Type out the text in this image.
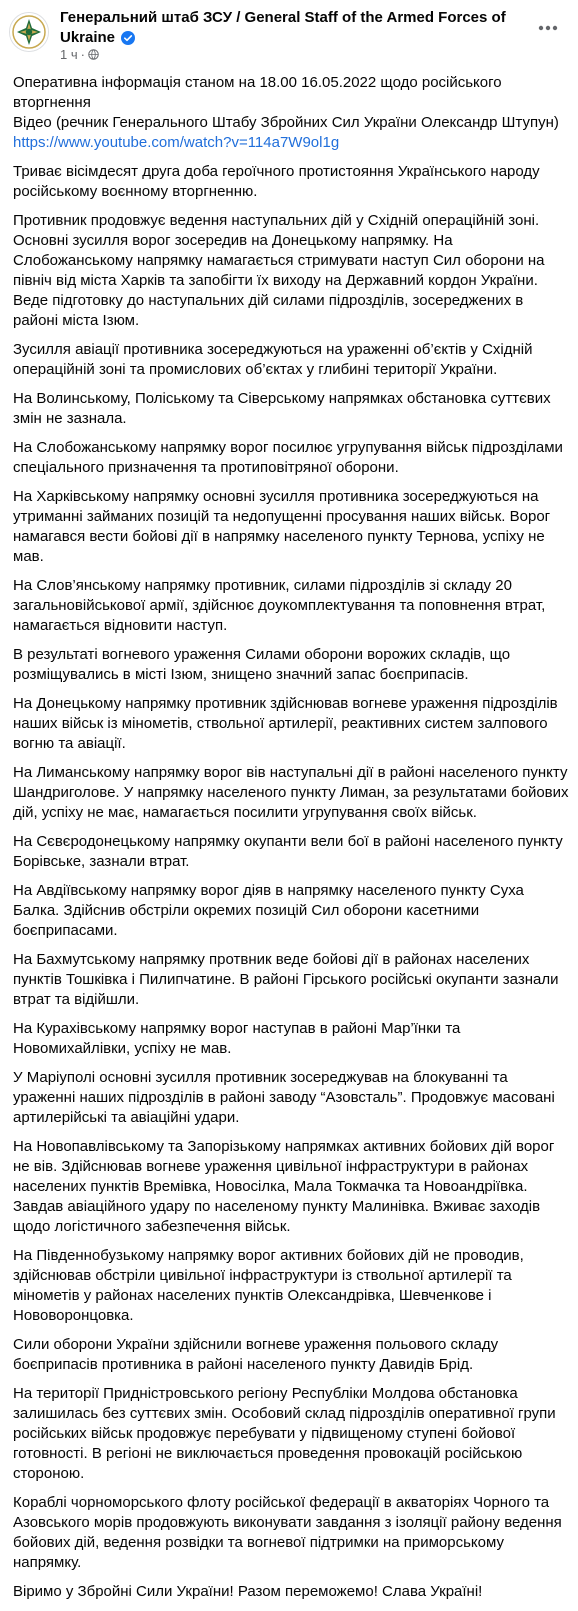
Генеральний штаб ЗСУ / General Staff of the Armed Forces of Ukraine
1 ч ·

Оперативна інформація станом на 18.00 16.05.2022 щодо російського вторгнення
Відео (речник Генерального Штабу Збройних Сил України Олександр Штупун)
https://www.youtube.com/watch?v=114a7W9ol1g

Триває вісімдесят друга доба героїчного протистояння Українського народу російському воєнному вторгненню.

Противник продовжує ведення наступальних дій у Східній операційній зоні. Основні зусилля ворог зосередив на Донецькому напрямку. На Слобожанському напрямку намагається стримувати наступ Сил оборони на північ від міста Харків та запобігти їх виходу на Державний кордон України. Веде підготовку до наступальних дій силами підрозділів, зосереджених в районі міста Ізюм.

Зусилля авіації противника зосереджуються на ураженні об’єктів у Східній операційній зоні та промислових об’єктах у глибині території України.

На Волинському, Поліському та Сіверському напрямках обстановка суттєвих змін не зазнала.

На Слобожанському напрямку ворог посилює угрупування військ підрозділами спеціального призначення та протиповітряної оборони.

На Харківському напрямку основні зусилля противника зосереджуються на утриманні займаних позицій та недопущенні просування наших військ. Ворог намагався вести бойові дії в напрямку населеного пункту Тернова, успіху не мав.

На Слов’янському напрямку противник, силами підрозділів зі складу 20 загальновійськової армії, здійснює доукомплектування та поповнення втрат, намагається відновити наступ.

В результаті вогневого ураження Силами оборони ворожих складів, що розміщувались в місті Ізюм, знищено значний запас боєприпасів.

На Донецькому напрямку противник здійснював вогневе ураження підрозділів наших військ із мінометів, ствольної артилерії, реактивних систем залпового вогню та авіації.

На Лиманському напрямку ворог вів наступальні дії в районі населеного пункту Шандриголове. У напрямку населеного пункту Лиман, за результатами бойових дій, успіху не має, намагається посилити угрупування своїх військ.

На Сєвєродонецькому напрямку окупанти вели бої в районі населеного пункту Борівське, зазнали втрат.

На Авдіївському напрямку ворог діяв в напрямку населеного пункту Суха Балка. Здійснив обстріли окремих позицій Сил оборони касетними боєприпасами.

На Бахмутському напрямку протвник веде бойові дії в районах населених пунктів Тошківка і Пилипчатине. В районі Гірського російські окупанти зазнали втрат та відійшли.

На Курахівському напрямку ворог наступав в районі Мар’їнки та Новомихайлівки, успіху не мав.

У Маріуполі основні зусилля противник зосереджував на блокуванні та ураженні наших підрозділів в районі заводу “Азовсталь”. Продовжує масовані артилерійські та авіаційні удари.

На Новопавлівському та Запорізькому напрямках активних бойових дій ворог не вів. Здійснював вогневе ураження цивільної інфраструктури в районах населених пунктів Времівка, Новосілка, Мала Токмачка та Новоандріївка. Завдав авіаційного удару по населеному пункту Малинівка. Вживає заходів щодо логістичного забезпечення військ.

На Південнобузькому напрямку ворог активних бойових дій не проводив, здійснював обстріли цивільної інфраструктури із ствольної артилерії та мінометів у районах населених пунктів Олександрівка, Шевченкове і Нововоронцовка.

Сили оборони України здійснили вогневе ураження польового складу боєприпасів противника в районі населеного пункту Давидів Брід.

На території Придністровського регіону Республіки Молдова обстановка залишилась без суттєвих змін. Особовий склад підрозділів оперативної групи російських військ продовжує перебувати у підвищеному ступені бойової готовності. В регіоні не виключається проведення провокацій російською стороною.

Кораблі чорноморського флоту російської федерації в акваторіях Чорного та Азовського морів продовжують виконувати завдання з ізоляції району ведення бойових дій, ведення розвідки та вогневої підтримки на приморському напрямку.

Віримо у Збройні Сили України! Разом переможемо! Слава Україні!
